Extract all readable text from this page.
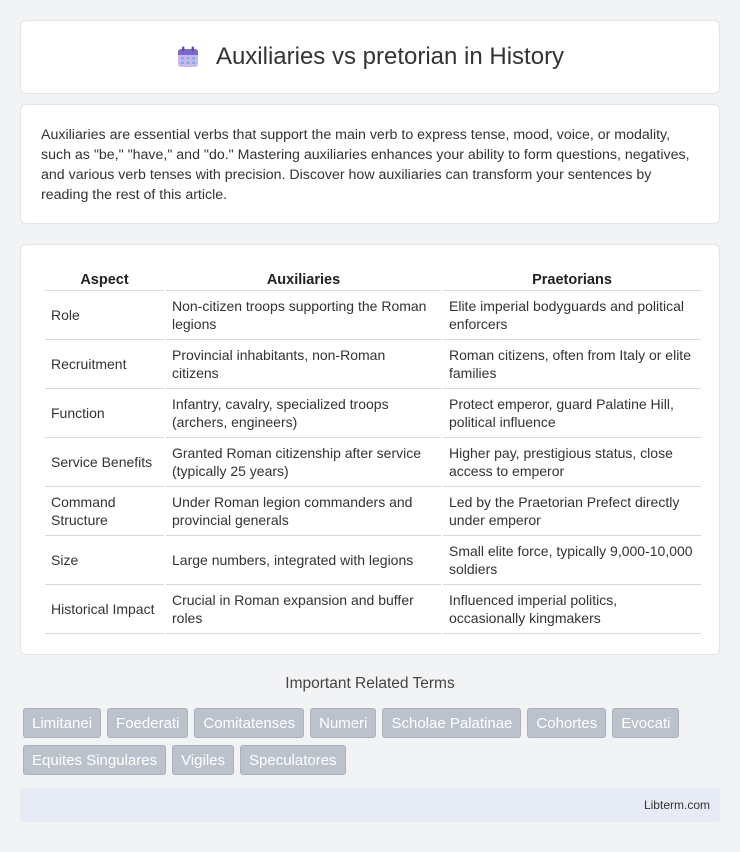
Auxiliaries vs pretorian in History

Auxiliaries are essential verbs that support the main verb to express tense, mood, voice, or modality, such as "be," "have," and "do." Mastering auxiliaries enhances your ability to form questions, negatives, and various verb tenses with precision. Discover how auxiliaries can transform your sentences by reading the rest of this article.

Aspect	Auxiliaries	Praetorians
Role	Non-citizen troops supporting the Roman legions	Elite imperial bodyguards and political enforcers
Recruitment	Provincial inhabitants, non-Roman citizens	Roman citizens, often from Italy or elite families
Function	Infantry, cavalry, specialized troops (archers, engineers)	Protect emperor, guard Palatine Hill, political influence
Service Benefits	Granted Roman citizenship after service (typically 25 years)	Higher pay, prestigious status, close access to emperor
Command Structure	Under Roman legion commanders and provincial generals	Led by the Praetorian Prefect directly under emperor
Size	Large numbers, integrated with legions	Small elite force, typically 9,000-10,000 soldiers
Historical Impact	Crucial in Roman expansion and buffer roles	Influenced imperial politics, occasionally kingmakers
Important Related Terms
Limitanei	Foederati	Comitatenses	Numeri	Scholae Palatinae	Cohortes	Evocati
Equites Singulares	Vigiles	Speculatores
Libterm.com
